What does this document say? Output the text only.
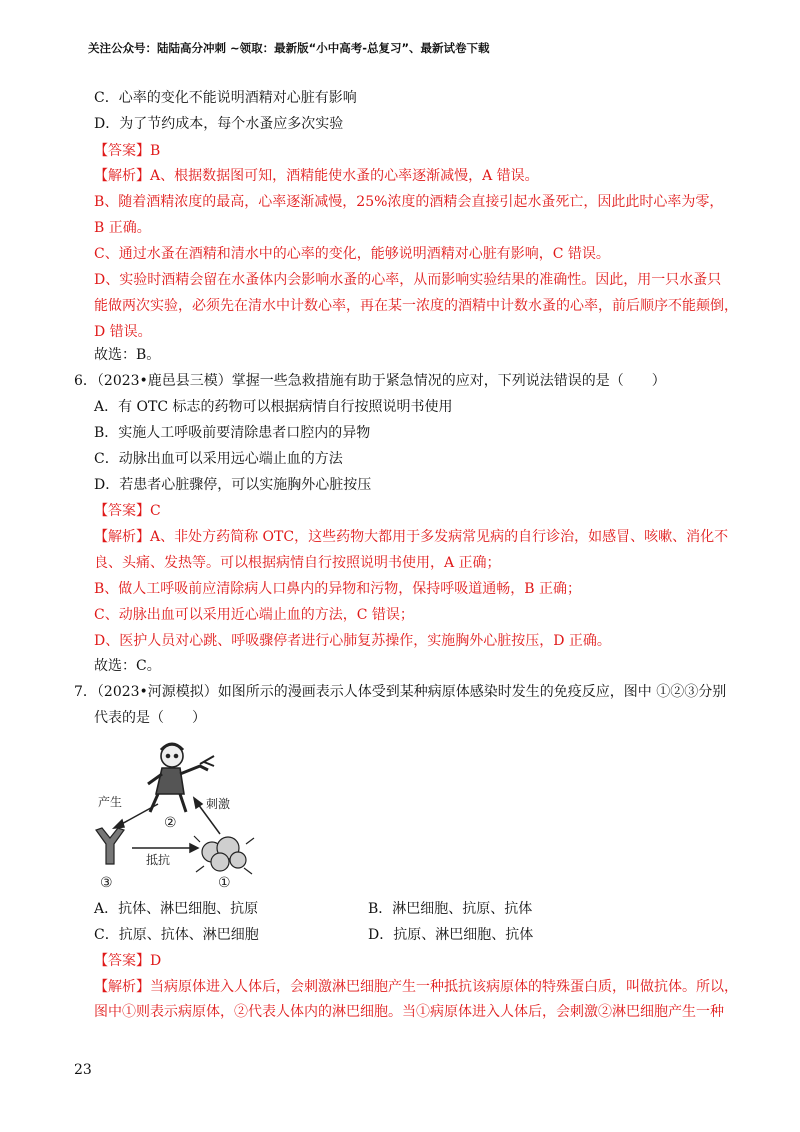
关注公众号：陆陆高分冲刺 ~领取：最新版“小中高考-总复习”、最新试卷下载
C．心率的变化不能说明酒精对心脏有影响
D．为了节约成本，每个水蚤应多次实验
【答案】B
【解析】A、根据数据图可知，酒精能使水蚤的心率逐渐减慢，A 错误。
B、随着酒精浓度的最高，心率逐渐减慢，25%浓度的酒精会直接引起水蚤死亡，因此此时心率为零，
B 正确。
C、通过水蚤在酒精和清水中的心率的变化，能够说明酒精对心脏有影响，C 错误。
D、实验时酒精会留在水蚤体内会影响水蚤的心率，从而影响实验结果的准确性。因此，用一只水蚤只
能做两次实验，必须先在清水中计数心率，再在某一浓度的酒精中计数水蚤的心率，前后顺序不能颠倒，
D 错误。
故选：B。
6．（2023•鹿邑县三模）掌握一些急救措施有助于紧急情况的应对，下列说法错误的是（　　）
A．有 OTC 标志的药物可以根据病情自行按照说明书使用
B．实施人工呼吸前要清除患者口腔内的异物
C．动脉出血可以采用远心端止血的方法
D．若患者心脏骤停，可以实施胸外心脏按压
【答案】C
【解析】A、非处方药简称 OTC，这些药物大都用于多发病常见病的自行诊治，如感冒、咳嗽、消化不
良、头痛、发热等。可以根据病情自行按照说明书使用，A 正确；
B、做人工呼吸前应清除病人口鼻内的异物和污物，保持呼吸道通畅，B 正确；
C、动脉出血可以采用近心端止血的方法，C 错误；
D、医护人员对心跳、呼吸骤停者进行心肺复苏操作，实施胸外心脏按压，D 正确。
故选：C。
7．（2023•河源模拟）如图所示的漫画表示人体受到某种病原体感染时发生的免疫反应，图中 ①②③分别
代表的是（　　）
②
③	①
产生	刺激
抵抗
A．抗体、淋巴细胞、抗原	B．淋巴细胞、抗原、抗体
C．抗原、抗体、淋巴细胞	D．抗原、淋巴细胞、抗体
【答案】D
【解析】当病原体进入人体后，会刺激淋巴细胞产生一种抵抗该病原体的特殊蛋白质，叫做抗体。所以，
图中①则表示病原体，②代表人体内的淋巴细胞。当①病原体进入人体后，会刺激②淋巴细胞产生一种
23
